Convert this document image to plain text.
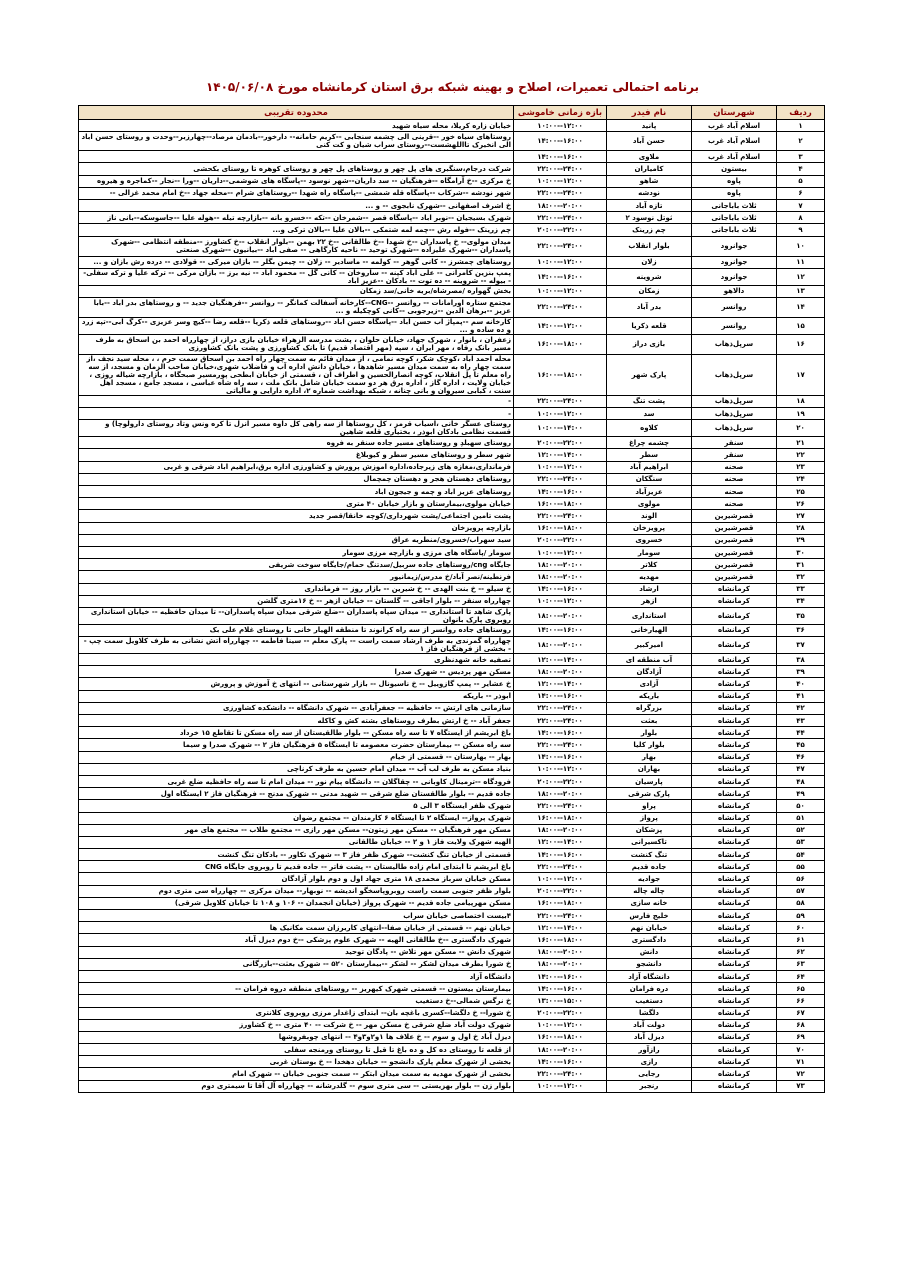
برنامه احتمالی تعمیرات، اصلاح و بهینه شبکه برق استان کرمانشاه مورخ ۱۴۰۵/۰۶/۰۸
ردیف	شهرستان	نام فیدر	بازه زمانی خاموشی	محدوده تقریبی
۱	اسلام آباد غرب	پانید	۱۰:۰۰--۱۲:۰۰	خیابان زاره کریلا، محله سیاه شهید
۲	اسلام آباد غرب	حسن آباد	۱۴:۰۰--۱۶:۰۰	روستاهای سیاه خور --قرینی الی چشمه سنجابی --کریم حامانه-- دارخور--بادمان مرصاد--چهارزبر--وحدت و روستای حسن اباد الی انخیرک تااللهشست--روستای سراب شیان و کت کنی
۳	اسلام آباد غرب	ملاوی	۱۴:۰۰--۱۶:۰۰	
۴	بیستون	کامیاران	۲۲:۰۰--۲۴:۰۰	شرکت درجام،سنگبری های پل چهر و روستاهای پل چهر و روستای کوهره تا روستای بکحشی
۵	پاوه	شاهو	۱۰:۰۰--۱۲:۰۰	خ مرکزی --خ آرامگاه --فرهنگیان -- سد داریان--شهر نوسود --پاسگاه های شوشمی--داریان --ورا --نجار --کماجره و هیروه
۶	پاوه	نودشه	۲۲:۰۰--۲۴:۰۰	شهر نودشه --شرکاب --پاسگاه قله شمشی --پاسگاه راه شهدا --روستاهای شرام --محله جهاد --خ امام محمد غزالی --
۷	ثلاث باباجانی	تازه آباد	۱۸:۰۰--۲۰:۰۰	خ اشرف اصفهانی --شهرک نابجوی -- و ...
۸	ثلاث باباجانی	ثوتل نوسود ۲	۲۲:۰۰--۲۴:۰۰	شهرک بسیجیان --نوبر اباد --پاسگاه قصر --شمرخان --تکه --خسرو بانه --بازارچه تیله --هوله علیا --جاسوسکه--بانی ناز
۹	ثلاث باباجانی	چم زرینک	۲۰:۰۰--۲۲:۰۰	چم زرینک --فوله رش --چمه لمه شتمکی --بالان علیا --بالان ترکی و...
۱۰	جوانرود	بلوار انقلاب	۲۲:۰۰--۲۴:۰۰	میدان مولوی-- خ پاسداران --خ شهدا --خ طالقانی --خ ۲۲ بهمن --بلوار انقلاب --خ کشاورز --منطقه انتظامی --شهرک پاسداران --شهرک علیزاده --شهرک توحید -- ناحیه کارگاهی -- صفی اباد --بیانیون --شهرک صنعتی
۱۱	جوانرود	زلان	۱۰:۰۰--۱۲:۰۰	روستاهای چمشرز -- کانی گوهر -- کولمه -- ماسادیر -- زلان -- چیمن بگلر -- بازان میرکی -- قولادی -- درده رش بازان و ...
۱۲	جوانرود	شروینه	۱۴:۰۰--۱۶:۰۰	پمپ بنزین کامرانی -- علی اباد کپنه -- ساروخان -- کانی گل -- محمود اباد -- نیه برز -- بازان مرکی -- ترکه علیا و ترکه سفلی-- بیوله -- شروینه -- ده توت -- بادکان --عزیز اباد
۱۳	دالاهو	زمکان	۱۰:۰۰--۱۲:۰۰	بخش گهواره /مصرشاه/بریه خانی/سد زمکان
۱۴	روانسر	بدر آباد	۲۲:۰۰--۲۴:۰۰	مجتمع ستاره اورامانات -- روانسر --CNG--کارخانه آسفالت کمانگر -- روانسر --فرهنگیان جدید -- و روستاهای بدر اباد --بابا عزیز --برهان الدین --زیرجوبی --کانی کوچکیله و ...
۱۵	روانسر	قلعه ذکریا	۱۴:۰۰--۱۲:۰۰	کارخانه سم --پمپاژ آب حسن اباد --پاسگاه حسن اباد --روستاهای قلعه ذکریا --قلعه رضا --کیچ وسر عزیزی --کرگ آبی--تپه زرد و ده ساده و ...
۱۶	سرپل‌ذهاب	بازی دراز	۱۶:۰۰--۱۸:۰۰	زعفران ، بانوار ، شهرک جهاد، خیابان حلوان ، پشت مدرسه الزهراء خیابان بازی دراز، از چهارراه احمد بن اسحاق به طرف مسیر بانک رفاه ، مهر ایران ، سپه (مهر اقتصاد قدیم) تا بانک کشاورزی و پشت بانک کشاورزی
۱۷	سرپل‌ذهاب	پارک شهر	۱۶:۰۰--۱۸:۰۰	محله احمد آباد ،کوچک شکر، کوچه نمامی ، از میدان قائم به سمت چهار راه احمد بن اسحاق سمت حرم ، ، محله سید نجف ،از سمت چهار راه به سمت میدان مسیر شاهدها ، خیابان دانش اداره آب و فاضلاب شهری،خیابان صاحب الزمان و مسجد، از سه راه معلم تا پل انقلاب، کوچه انصارالحسین و اطراف آن ، قسمتی از خیابان ابطحی پورمسیر صبحگاه ، بازارچه شیاله روزی ، خیابان ولایت ، اداره گاز ، اداره برق هر دو سمت خیابان شامل بانک ملت ، سه راه شاه عباسی ، مسجد جامع ، مسجد اهل سنت ، کبابی سیروان و بانی چنانه ، شبکه بهداشت شماره ۲، اداره دارایی و مالیاتی
۱۸	سرپل‌ذهاب	پشت تنگ	۲۲:۰۰--۲۴:۰۰	-
۱۹	سرپل‌ذهاب	سد	۱۰:۰۰--۱۲:۰۰	-
۲۰	سرپل‌ذهاب	کلاوه	۱۰:۰۰--۱۴:۰۰	روستای عسگر خانی ،آسیاب قرمز ، کل روستاها از سه راهی کل داوه مسیر آنزل تا کره ونس وتاد روستای دارولوچا) و قسمت نظامی بادکان ابوذر ، بختیاری قلعه شاهین
۲۱	سنقر	چشمه چراغ	۲۰:۰۰--۲۲:۰۰	روستای سهبلدِ و روستاهای مسیر جاده سنقر به فروه
۲۲	سنقر	سطر	۱۲:۰۰--۱۴:۰۰	شهر سطر و روستاهای مسیر سطر و کیوبلاغ
۲۳	صحنه	ابراهیم آباد	۱۰:۰۰--۱۲:۰۰	فرمانداری،مغازه های زیرجاده،اداره اموزش پرورش و کشاورزی اداره برق،ابراهیم اباد شرقی و غربی
۲۴	صحنه	سنگکان	۲۲:۰۰--۲۴:۰۰	روستاهای دهستان هجر و دهستان چمچمال
۲۵	صحنه	عزیزآباد	۱۴:۰۰--۱۶:۰۰	روستاهای عزیز اباد و چمه و جیجون اباد
۲۶	صحنه	مولوی	۱۶:۰۰--۱۸:۰۰	خیابان مولوی،بیمارستان و بازار خیابان ۴۰ متری
۲۷	قصرشیرین	الوند	۲۲:۰۰--۲۴:۰۰	پشت تامین اجتماعی/پشت شهرداری/کوچه خانقا/قصر جدید
۲۸	قصرشیرین	پرویزخان	۱۶:۰۰--۱۸:۰۰	بازارچه پرویزخان
۲۹	قصرشیرین	خسروی	۲۰:۰۰--۲۲:۰۰	سید سهراب/خسروی/منطریه عراق
۳۰	قصرشیرین	سومار	۱۰:۰۰--۱۲:۰۰	سومار /پاسگاه های مرزی و بازارچه مرزی سومار
۳۱	قصرشیرین	کلاتر	۱۸:۰۰--۲۰:۰۰	جایگاه cng/روستاهای جاده سربیل/سدتنگ حمام/جایگاه سوخت شریفی
۳۲	قصرشیرین	مهدیه	۱۸:۰۰--۲۰:۰۰	فرنطینه/نصر آباد/خ مدرس/زیمانیور
۳۳	کرمانشاه	ارشاد	۱۴:۰۰--۱۶:۰۰	خ سیلو -- خ بنت الهدی -- خ شیرین -- بازار روز -- فرمانداری
۳۴	کرمانشاه	ازهر	۱۰:۰۰--۱۲:۰۰	چهارراه سنقر -- بلوار اجاقی -- گلستان -- خیابان ازهر -- خ ۱۶متری گلشن
۳۵	کرمانشاه	استانداری	۱۸:۰۰--۲۰:۰۰	پارک شاهد تا استانداری -- میدان سپاه پاسداران --ضلع شرقی میدان سپاه پاسداران-- تا میدان حافظیه -- خیابان استانداری روبروی پارک بانوان
۳۶	کرمانشاه	الهیارخانی	۱۴:۰۰--۱۶:۰۰	روستاهای جاده روانسر از سه راه کرانوند تا منطقه الهیار خانی تا روستای غلام علی بک
۳۷	کرمانشاه	امیرکبیر	۱۸:۰۰--۲۰:۰۰	چهارراه گمرندی به طرف ارشاد سمت راست -- پارک معلم -- سینا فاطمه -- چهارراه آتش نشانی به طرف کلاویل سمت چپ -- بخشی از فرهنگیان فاز ۱
۳۸	کرمانشاه	آب منطقه ای	۱۲:۰۰--۱۴:۰۰	تصفیه خانه شهدنظری
۳۹	کرمانشاه	آزادگان	۱۸:۰۰--۲۰:۰۰	مسکن مهر پردیس -- شهرک صدرا
۴۰	کرمانشاه	آزادی	۱۲:۰۰--۱۴:۰۰	خ عشایر -- پمپ گازوییل -- خ ناسیونال -- بازار شهرستانی -- انتهای خ آموزش و پرورش
۴۱	کرمانشاه	باریکه	۱۴:۰۰--۱۶:۰۰	ابوذر -- باریکه
۴۲	کرمانشاه	بزرگراه	۲۲:۰۰--۲۴:۰۰	سازمانی های ارتش -- حافظیه -- جعفرآبادی -- شهرک دانشگاه -- دانشکده کشاورزی
۴۳	کرمانشاه	بعثت	۲۲:۰۰--۲۴:۰۰	جعفر آباد -- خ ارتش بطرف روستاهای بشته کش و کاکله
۴۴	کرمانشاه	بلوار	۱۴:۰۰--۱۶:۰۰	باغ ابریشم از ایستگاه ۷ تا سه راه مسکن -- بلوار طالقیستان از سه راه مسکن تا تقاطع ۱۵ خرداد
۴۵	کرمانشاه	بلوار کلیا	۲۲:۰۰--۲۴:۰۰	سه راه مسکن -- بیمارستان حضرت معصومه تا ایستگاه ۵ فرهنگیان فاز ۲ -- شهرک صدرا و سیما
۴۶	کرمانشاه	بهار	۱۴:۰۰--۱۶:۰۰	بهار -- بهارستان -- قسمتی از خیام
۴۷	کرمانشاه	بهاران	۱۰:۰۰--۱۲:۰۰	بنیاد مسکن به طرف لب آب -- میدان امام حسین به طرف کرناچی
۴۸	کرمانشاه	پارسیان	۲۰:۰۰--۲۲:۰۰	فرودگاه --ترمینال کاوبانی -- چقاگلان -- دانشگاه پیام نور -- میدان امام تا سه راه حافظیه ضلع غربی
۴۹	کرمانشاه	پارک شرقی	۱۸:۰۰--۲۰:۰۰	جاده قدیم -- بلوار طالقستان ضلع شرقی -- شهید مدنی -- شهرک مدنج -- فرهنگیان فاز ۲ ایستگاه اول
۵۰	کرمانشاه	پراو	۲۲:۰۰--۲۴:۰۰	شهرک ظفر ایستگاه ۳ الی ۵
۵۱	کرمانشاه	پرواز	۱۶:۰۰--۱۸:۰۰	شهرک پرواز-- ایستگاه ۲ تا ایستگاه ۶ کارمندان -- مجتمع رضوان
۵۲	کرمانشاه	پزشکان	۱۸:۰۰--۲۰:۰۰	مسکن مهر فرهنگیان -- مسکن مهر زیتون-- مسکن مهر رازی -- مجتمع طلاب -- مجتمع های مهر
۵۳	کرمانشاه	تاکسیرانی	۱۲:۰۰--۱۴:۰۰	الهیه شهرک ولایت فاز ۱ و ۲ -- خیابان طالقانی
۵۴	کرمانشاه	تنگ کنشت	۱۴:۰۰--۱۶:۰۰	قسمتی از خیابان تنگ کنشت-- شهرک ظفر فاز ۳ -- شهرک تکاور -- بادکان تنگ کنشت
۵۵	کرمانشاه	جاده قدیم	۲۲:۰۰--۲۴:۰۰	باغ ابریشم تا ابتدای امام زاده طالیستان -- پشت فاتر -- جاده قدیم تا روبروی جایگاه CNG
۵۶	کرمانشاه	جوادیه	۱۰:۰۰--۱۲:۰۰	مسکن خیابان سرباز محمدی ۱۸ متری جهاد اول و دوم بلوار آزادگان
۵۷	کرمانشاه	چاله چاله	۲۰:۰۰--۲۲:۰۰	بلوار ظفر جنوبی سمت راست روبروپاسخگو اندیشه -- نوبهار-- میدان مرکزی -- چهارراه سی متری دوم
۵۸	کرمانشاه	خانه سازی	۱۶:۰۰--۱۸:۰۰	مسکن مهرپیامی جاده قدیم -- شهرک پرواز (خیابان انجمدان -- ۱۰۶ و ۱۰۸ تا خیابان کلاویل شرقی)
۵۹	کرمانشاه	خلیج فارس	۲۲:۰۰--۲۴:۰۰	۴بیست اختصاصی خیابان سراب
۶۰	کرمانشاه	خیابان نهم	۱۲:۰۰--۱۴:۰۰	خیابان نهم -- قسمتی از خیابان صفا--انتهای کاربرزان سمت مکانیک ها
۶۱	کرمانشاه	دادگستری	۱۶:۰۰--۱۸:۰۰	شهرک دادگستری --خ طالقانی الهیه -- شهرک علوم پزشکی --خ دوم دیزل آباد
۶۲	کرمانشاه	دانش	۱۸:۰۰--۲۰:۰۰	شهرک دانش -- مسکن مهر تلاش -- پادگان توحید
۶۳	کرمانشاه	دانشجو	۱۸:۰۰--۲۰:۰۰	خ شورا بطرف میدان لشکر -- لشکر --بیمارستان ۵۲۰ -- شهرک بعثت--بازرگانی
۶۴	کرمانشاه	دانشگاه آزاد	۱۴:۰۰--۱۶:۰۰	دانشگاه آزاد
۶۵	کرمانشاه	دره فرامان	۱۴:۰۰--۱۶:۰۰	بیمارستان بیستون -- قسمتی شهرک کیهریز -- روستاهای منطقه دروه فرامان --
۶۶	کرمانشاه	دستغیب	۱۳:۰۰--۱۵:۰۰	خ نرگس شمالی--خ دستغیب
۶۷	کرمانشاه	دلگشا	۲۰:۰۰--۲۲:۰۰	خ شورا-- خ دلگشا--کسری باغچه بان-- ابتدای زاغدار مرزی روبروی کلانتری
۶۸	کرمانشاه	دولت آباد	۱۰:۰۰--۱۲:۰۰	شهرک دولت آباد ضلع شرقی خ مسکن مهر -- خ شرکت -- ۴۰ متری -- خ کشاورز
۶۹	کرمانشاه	دیزل آباد	۱۶:۰۰--۱۸:۰۰	دیزل آباد خ اول و سوم -- خ علاف ها ۱و۲و۳و۴ -- انتهای چوبفروشها
۷۰	کرمانشاه	رازآور	۱۸:۰۰--۲۰:۰۰	از قلعه تا روستای ده کل و ده باغ تا قیل تا روستای ورمنجه سفلی
۷۱	کرمانشاه	رازی	۱۴:۰۰--۱۶:۰۰	بخشی از شهرک معلم پارک دانشجو -- خیابان دهخدا -- خ بوستان غربی
۷۲	کرمانشاه	رجایی	۲۲:۰۰--۲۴:۰۰	بخشی از شهرک مهدیه به سمت میدان ابتکر -- سمت جنوبی خیابان -- شهرک امام
۷۳	کرمانشاه	رنجبر	۱۰:۰۰--۱۲:۰۰	بلوار زن -- بلوار بهزیستی -- سی متری سوم -- گلدرشانه -- چهارراه آل آقا تا سیمتری دوم
